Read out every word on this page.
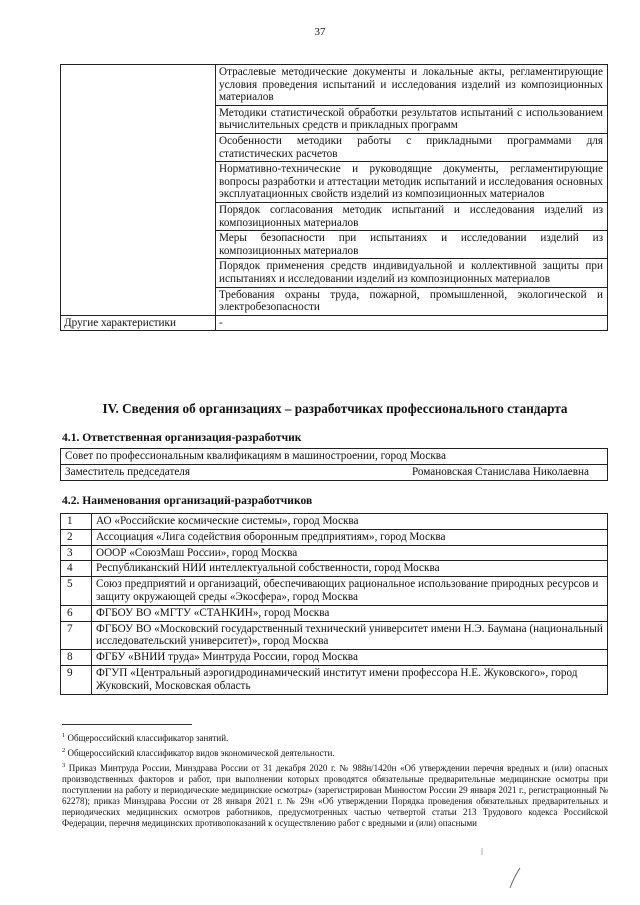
37
	Отраслевые методические документы и локальные акты, регламентирующие условия проведения испытаний и исследования изделий из композиционных материалов
	Методики статистической обработки результатов испытаний с использованием вычислительных средств и прикладных программ
	Особенности методики работы с прикладными программами для статистических расчетов
	Нормативно-технические и руководящие документы, регламентирующие вопросы разработки и аттестации методик испытаний и исследования основных эксплуатационных свойств изделий из композиционных материалов
	Порядок согласования методик испытаний и исследования изделий из композиционных материалов
	Меры безопасности при испытаниях и исследовании изделий из композиционных материалов
	Порядок применения средств индивидуальной и коллективной защиты при испытаниях и исследовании изделий из композиционных материалов
	Требования охраны труда, пожарной, промышленной, экологической и электробезопасности
Другие характеристики	-
IV. Сведения об организациях – разработчиках профессионального стандарта
4.1. Ответственная организация-разработчик
Совет по профессиональным квалификациям в машиностроении, город Москва

Заместитель председателя	Романовская Станислава Николаевна
4.2. Наименования организаций-разработчиков
1	АО «Российские космические системы», город Москва
2	Ассоциация «Лига содействия оборонным предприятиям», город Москва
3	ОООР «СоюзМаш России», город Москва
4	Республиканский НИИ интеллектуальной собственности, город Москва
5	Союз предприятий и организаций, обеспечивающих рациональное использование природных ресурсов и защиту окружающей среды «Экосфера», город Москва
6	ФГБОУ ВО «МГТУ «СТАНКИН», город Москва
7	ФГБОУ ВО «Московский государственный технический университет имени Н.Э. Баумана (национальный исследовательский университет)», город Москва
8	ФГБУ «ВНИИ труда» Минтруда России, город Москва
9	ФГУП «Центральный аэрогидродинамический институт имени профессора Н.Е. Жуковского», город Жуковский, Московская область

$^1$ Общероссийский классификатор занятий.

$^2$ Общероссийский классификатор видов экономической деятельности.

$^3$ Приказ Минтруда России, Минздрава России от 31 декабря 2020 г. № 988н/1420н «Об утверждении перечня вредных и (или) опасных производственных факторов и работ, при выполнении которых проводятся обязательные предварительные медицинские осмотры при поступлении на работу и периодические медицинские осмотры» (зарегистрирован Минюстом России 29 января 2021 г., регистрационный № 62278); приказ Минздрава России от 28 января 2021 г. № 29н «Об утверждении Порядка проведения обязательных предварительных и периодических медицинских осмотров работников, предусмотренных частью четвертой статьи 213 Трудового кодекса Российской Федерации, перечня медицинских противопоказаний к осуществлению работ с вредными и (или) опасными
